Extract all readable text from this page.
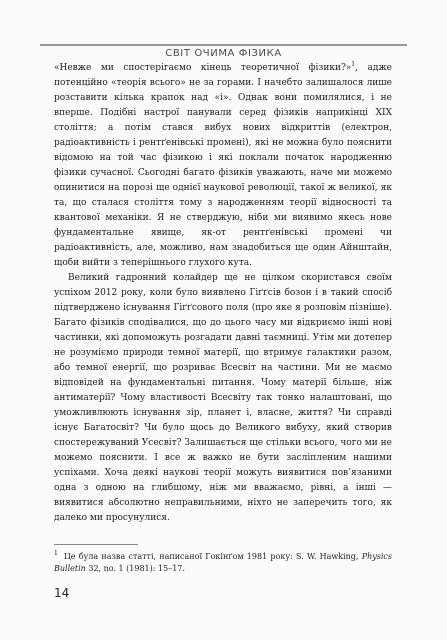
СВІТ ОЧИМА ФІЗИКА

«Невже ми спостерігаємо кінець теоретичної фізики?»$^1$, адже потенційно «теорія всього» не за горами. І начебто залишалося лише розставити кілька крапок над «і». Однак вони помилялися, і не вперше. Подібні настрої панували серед фізиків наприкінці XIX століття; а потім стався вибух нових відкриттів (електрон, радіоактивність і рентґенівські промені), які не можна було пояснити відомою на той час фізикою і які поклали початок народженню фізики сучасної. Сьогодні багато фізиків уважають, наче ми можемо опинитися на порозі ще однієї наукової революції, такої ж великої, як та, що сталася століття тому з народженням теорії відносності та квантової механіки. Я не стверджую, ніби ми виявимо якесь нове фундаментальне явище, як-от рентґенівські промені чи радіоактивність, але, можливо, нам знадобиться ще один Айнштайн, щоби вийти з теперішнього глухого кута.

Великий гадронний колайдер ще не цілком скористався своїм успіхом 2012 року, коли було виявлено Гіґґсів бозон і в такий спосіб підтверджено існування Гіґґсового поля (про яке я розповім пізніше). Багато фізиків сподівалися, що до цього часу ми відкриємо інші нові частинки, які допоможуть розгадати давні таємниці. Утім ми дотепер не розуміємо природи темної матерії, що втримує галактики разом, або темної енергії, що розриває Всесвіт на частини. Ми не маємо відповідей на фундаментальні питання. Чому матерії більше, ніж антиматерії? Чому властивості Всесвіту так тонко налаштовані, що уможливлюють існування зір, планет і, власне, життя? Чи справді існує Багатосвіт? Чи було щось до Великого вибуху, який створив спостережуваний Усесвіт? Залишається ще стільки всього, чого ми не можемо пояснити. І все ж важко не бути засліпленим нашими успіхами. Хоча деякі наукові теорії можуть виявитися пов’язаними одна з одною на глибшому, ніж ми вважаємо, рівні, а інші — виявитися абсолютно неправильними, ніхто не заперечить того, як далеко ми просунулися.

$^1$ Це була назва статті, написаної Гокінґом 1981 року: S. W. Hawking, Physics Bulletin 32, no. 1 (1981): 15–17.
14
